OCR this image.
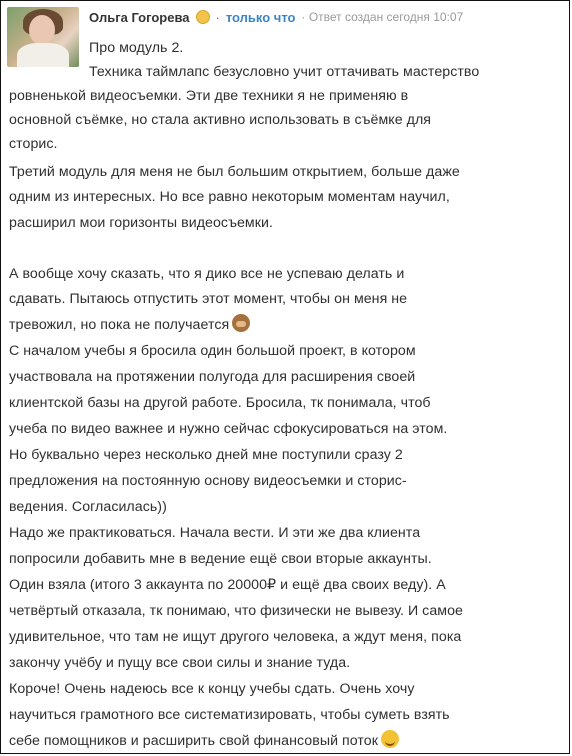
Ольга Гогорева · только что · Ответ создан сегодня 10:07
Про модуль 2.
Техника таймлапс безусловно учит оттачивать мастерство
ровненькой видеосъемки. Эти две техники я не применяю в
основной съёмке, но стала активно использовать в съёмке для
сторис.
Третий модуль для меня не был большим открытием, больше даже
одним из интересных. Но все равно некоторым моментам научил,
расширил мои горизонты видеосъемки.
А вообще хочу сказать, что я дико все не успеваю делать и
сдавать. Пытаюсь отпустить этот момент, чтобы он меня не
тревожил, но пока не получается
С началом учебы я бросила один большой проект, в котором
участвовала на протяжении полугода для расширения своей
клиентской базы на другой работе. Бросила, тк понимала, чтоб
учеба по видео важнее и нужно сейчас сфокусироваться на этом.
Но буквально через несколько дней мне поступили сразу 2
предложения на постоянную основу видеосъемки и сторис-
ведения. Согласилась))
Надо же практиковаться. Начала вести. И эти же два клиента
попросили добавить мне в ведение ещё свои вторые аккаунты.
Один взяла (итого 3 аккаунта по 20000₽ и ещё два своих веду). А
четвёртый отказала, тк понимаю, что физически не вывезу. И самое
удивительное, что там не ищут другого человека, а ждут меня, пока
закончу учёбу и пущу все свои силы и знание туда.
Короче! Очень надеюсь все к концу учебы сдать. Очень хочу
научиться грамотного все систематизировать, чтобы суметь взять
себе помощников и расширить свой финансовый поток
